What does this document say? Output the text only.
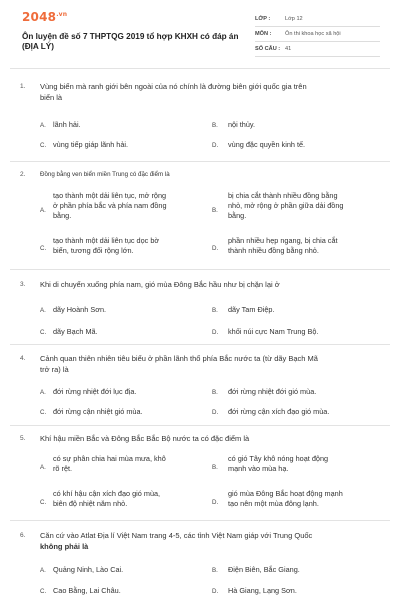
$2048^{.vn}$
Ôn luyện đề số 7 THPTQG 2019 tổ hợp KHXH có đáp án (ĐỊA LÝ)
LỚP :	Lớp 12
MÔN :	Ôn thi khoa học xã hội
SỐ CÂU : 41
1. Vùng biển mà ranh giới bên ngoài của nó chính là đường biên giới quốc gia trên
biển là
A. lãnh hải.	B. nội thủy.
C. vùng tiếp giáp lãnh hải.	D. vùng đặc quyền kinh tế.
2. Đồng bằng ven biển miền Trung có đặc điểm là
A.
tạo thành một dải liên tục, mở rộng
ở phần phía bắc và phía nam đồng
bằng.
B.
bị chia cắt thành nhiều đồng bằng
nhỏ, mở rộng ở phần giữa dải đồng
bằng.
C.
tạo thành một dải liên tục dọc bờ
biển, tương đối rộng lớn.	D.
phần nhiều hẹp ngang, bị chia cắt
thành nhiều đồng bằng nhỏ.
3. Khi di chuyển xuống phía nam, gió mùa Đông Bắc hầu như bị chặn lại ở
A. dãy Hoành Sơn.	B. dãy Tam Điệp.
C. dãy Bạch Mã.	D. khối núi cực Nam Trung Bộ.
4. Cảnh quan thiên nhiên tiêu biểu ở phần lãnh thổ phía Bắc nước ta (từ dãy Bạch Mã
trở ra) là
A. đới rừng nhiệt đới lục địa.	B. đới rừng nhiệt đới gió mùa.
C. đới rừng cận nhiệt gió mùa.	D. đới rừng cận xích đạo gió mùa.
5. Khí hậu miền Bắc và Đông Bắc Bắc Bộ nước ta có đặc điểm là
A.
có sự phân chia hai mùa mưa, khô
rõ rệt.	B.
có gió Tây khô nóng hoạt động
mạnh vào mùa hạ.
C.
có khí hậu cận xích đạo gió mùa,
biên độ nhiệt năm nhỏ.	D.
gió mùa Đông Bắc hoạt động mạnh
tạo nên một mùa đông lạnh.
6. Căn cứ vào Atlat Địa lí Việt Nam trang 4-5, các tỉnh Việt Nam giáp với Trung Quốc
không phải là
A. Quảng Ninh, Lào Cai.	B. Điện Biên, Bắc Giang.
C. Cao Bằng, Lai Châu.	D. Hà Giang, Lạng Sơn.
